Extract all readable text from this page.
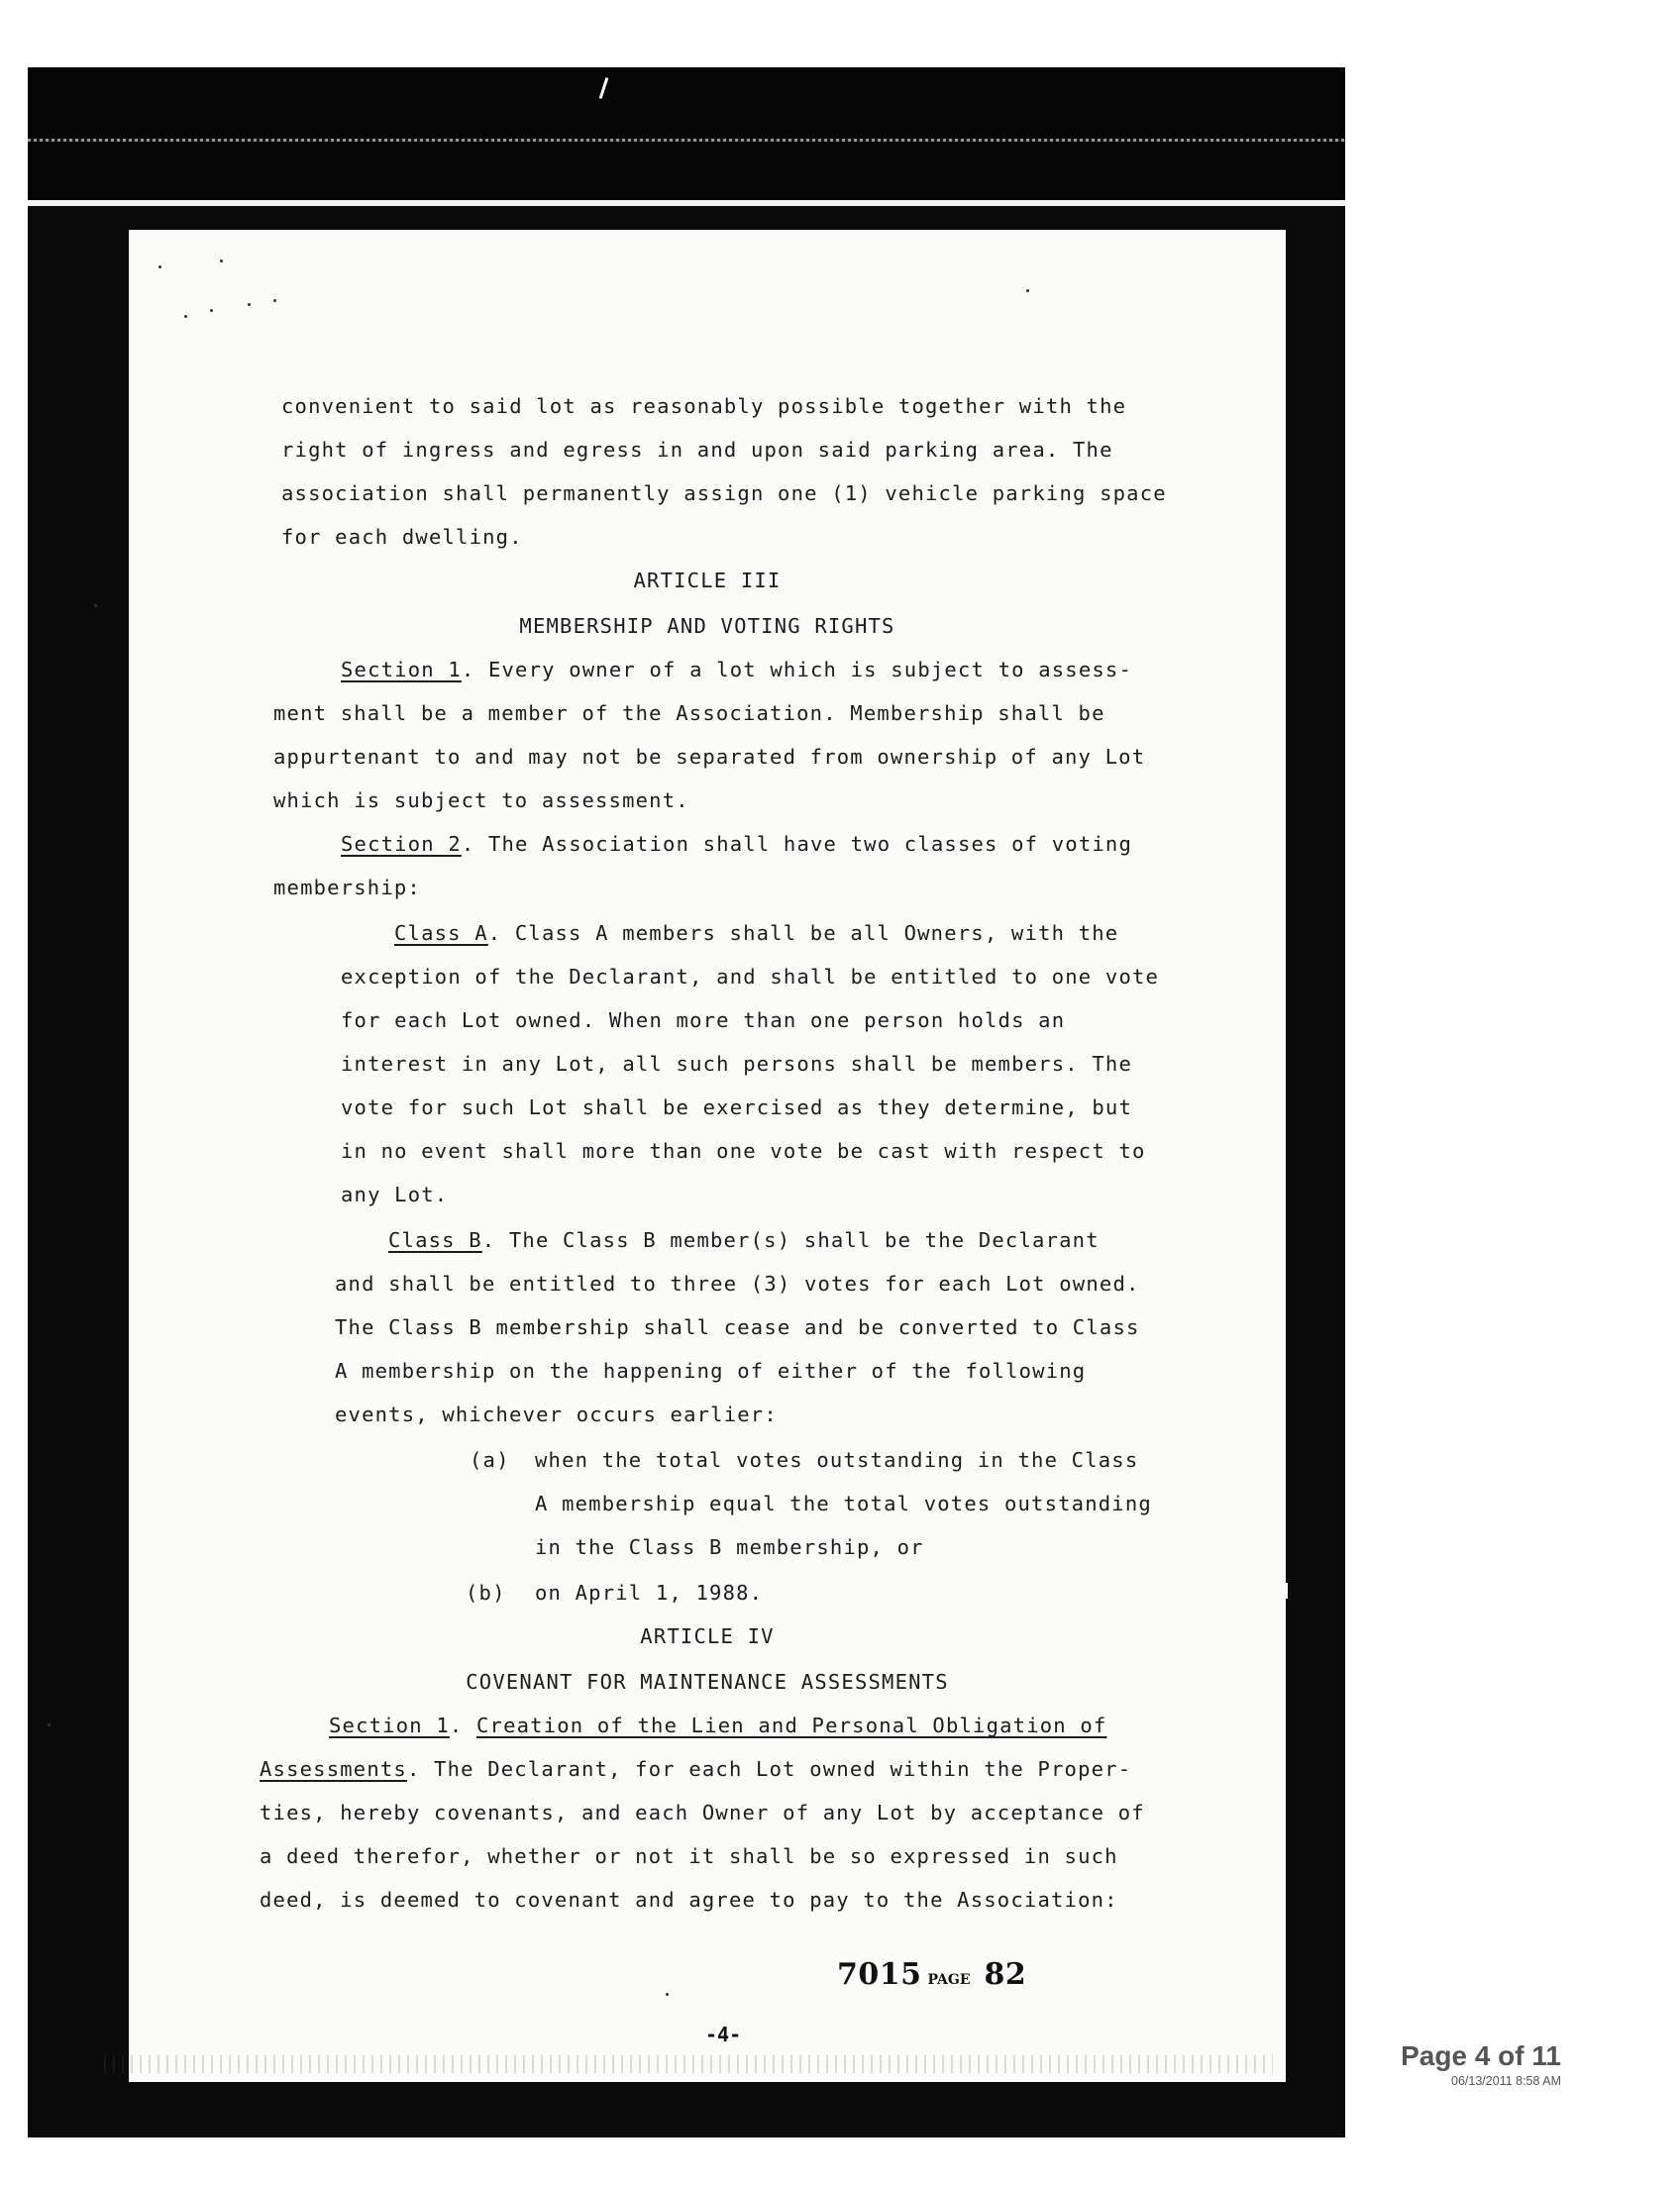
convenient to said lot as reasonably possible together with the
right of ingress and egress in and upon said parking area. The
association shall permanently assign one (1) vehicle parking space
for each dwelling.
ARTICLE III
MEMBERSHIP AND VOTING RIGHTS
Section 1. Every owner of a lot which is subject to assess-
ment shall be a member of the Association. Membership shall be
appurtenant to and may not be separated from ownership of any Lot
which is subject to assessment.
Section 2. The Association shall have two classes of voting
membership:
Class A. Class A members shall be all Owners, with the
exception of the Declarant, and shall be entitled to one vote
for each Lot owned. When more than one person holds an
interest in any Lot, all such persons shall be members. The
vote for such Lot shall be exercised as they determine, but
in no event shall more than one vote be cast with respect to
any Lot.
Class B. The Class B member(s) shall be the Declarant
and shall be entitled to three (3) votes for each Lot owned.
The Class B membership shall cease and be converted to Class
A membership on the happening of either of the following
events, whichever occurs earlier:
(a) when the total votes outstanding in the Class
A membership equal the total votes outstanding
in the Class B membership, or
(b) on April 1, 1988.
ARTICLE IV
COVENANT FOR MAINTENANCE ASSESSMENTS
Section 1. Creation of the Lien and Personal Obligation of
Assessments. The Declarant, for each Lot owned within the Proper-
ties, hereby covenants, and each Owner of any Lot by acceptance of
a deed therefor, whether or not it shall be so expressed in such
deed, is deemed to covenant and agree to pay to the Association:
7015 PAGE 82
-4-
Page 4 of 11
06/13/2011 8:58 AM
